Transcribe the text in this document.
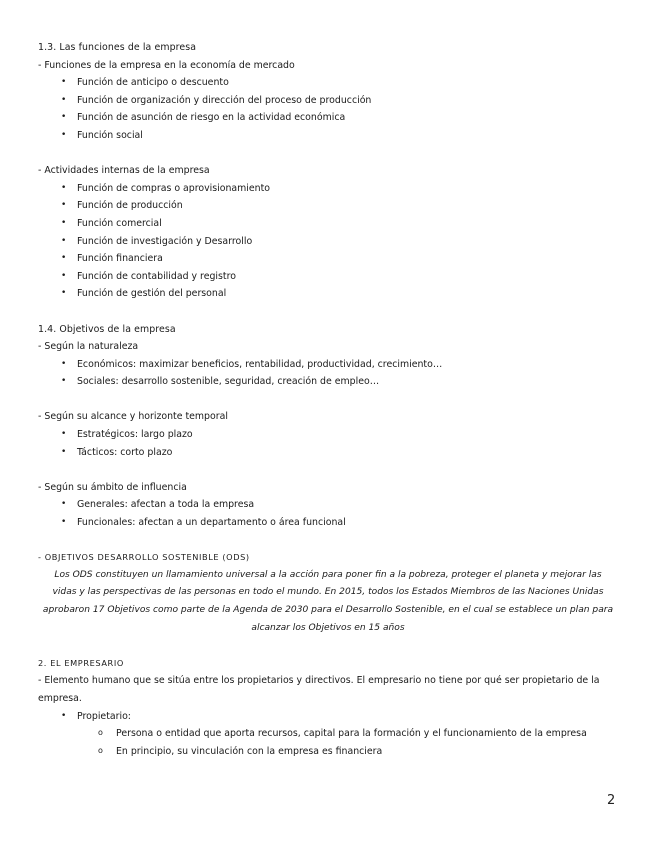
1.3. Las funciones de la empresa
- Funciones de la empresa en la economía de mercado
• Función de anticipo o descuento
• Función de organización y dirección del proceso de producción
• Función de asunción de riesgo en la actividad económica
• Función social
- Actividades internas de la empresa
• Función de compras o aprovisionamiento
• Función de producción
• Función comercial
• Función de investigación y Desarrollo
• Función financiera
• Función de contabilidad y registro
• Función de gestión del personal
1.4. Objetivos de la empresa
- Según la naturaleza
• Económicos: maximizar beneficios, rentabilidad, productividad, crecimiento…
• Sociales: desarrollo sostenible, seguridad, creación de empleo…
- Según su alcance y horizonte temporal
• Estratégicos: largo plazo
• Tácticos: corto plazo
- Según su ámbito de influencia
• Generales: afectan a toda la empresa
• Funcionales: afectan a un departamento o área funcional
- OBJETIVOS DESARROLLO SOSTENIBLE (ODS)
Los ODS constituyen un llamamiento universal a la acción para poner fin a la pobreza, proteger el planeta y mejorar las vidas y las perspectivas de las personas en todo el mundo. En 2015, todos los Estados Miembros de las Naciones Unidas aprobaron 17 Objetivos como parte de la Agenda de 2030 para el Desarrollo Sostenible, en el cual se establece un plan para alcanzar los Objetivos en 15 años
2. EL EMPRESARIO
- Elemento humano que se sitúa entre los propietarios y directivos. El empresario no tiene por qué ser propietario de la empresa.
• Propietario:
o Persona o entidad que aporta recursos, capital para la formación y el funcionamiento de la empresa
o En principio, su vinculación con la empresa es financiera
2
